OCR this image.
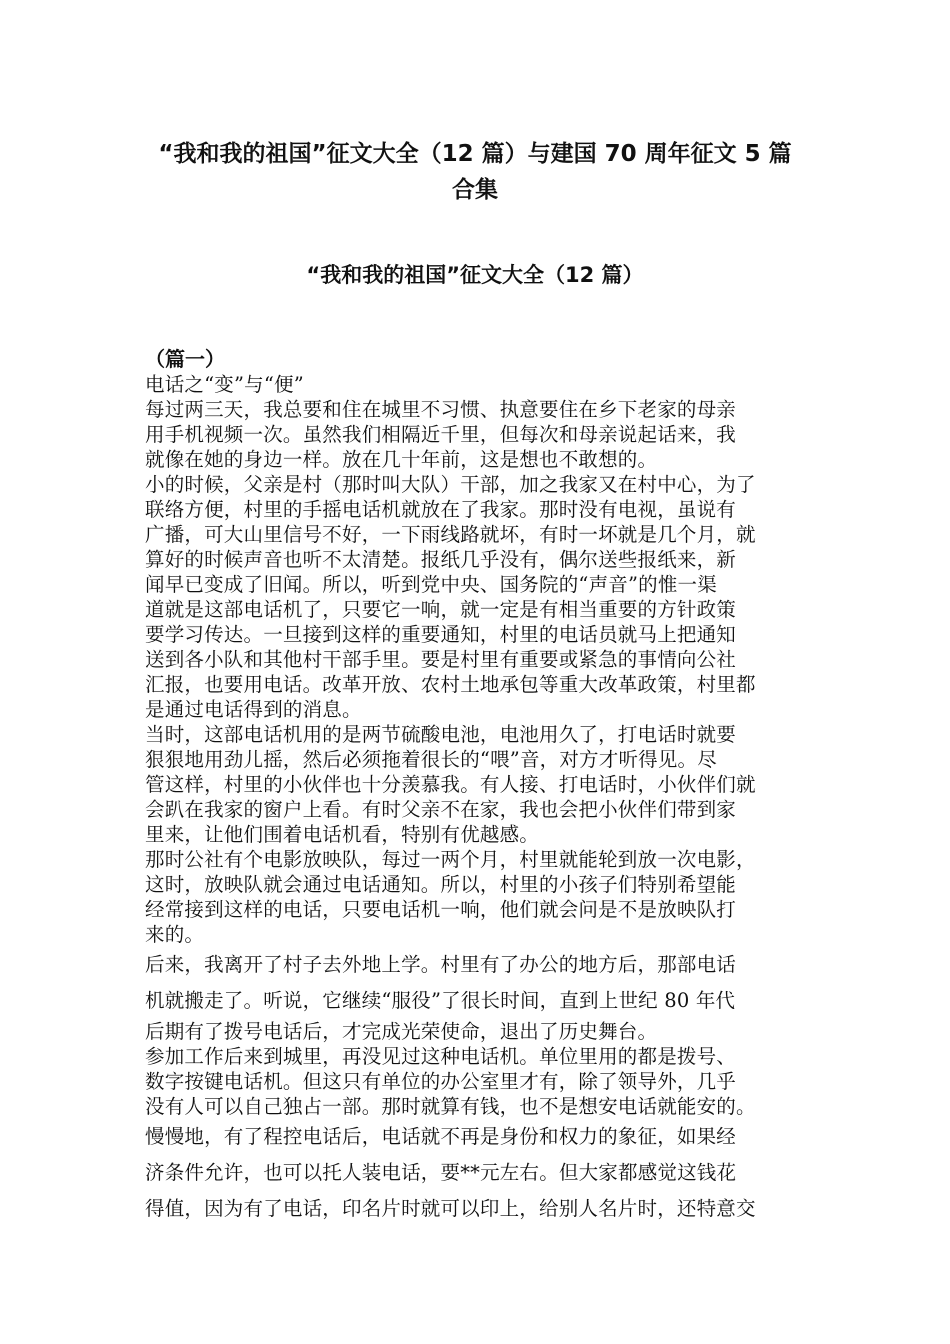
“我和我的祖国”征文大全（12 篇）与建国 70 周年征文 5 篇
合集
“我和我的祖国”征文大全（12 篇）
（篇一）

电话之“变”与“便”

每过两三天，我总要和住在城里不习惯、执意要住在乡下老家的母亲

用手机视频一次。虽然我们相隔近千里，但每次和母亲说起话来，我

就像在她的身边一样。放在几十年前，这是想也不敢想的。

小的时候，父亲是村（那时叫大队）干部，加之我家又在村中心，为了

联络方便，村里的手摇电话机就放在了我家。那时没有电视，虽说有

广播，可大山里信号不好，一下雨线路就坏，有时一坏就是几个月，就

算好的时候声音也听不太清楚。报纸几乎没有，偶尔送些报纸来，新

闻早已变成了旧闻。所以，听到党中央、国务院的“声音”的惟一渠

道就是这部电话机了，只要它一响，就一定是有相当重要的方针政策

要学习传达。一旦接到这样的重要通知，村里的电话员就马上把通知

送到各小队和其他村干部手里。要是村里有重要或紧急的事情向公社

汇报，也要用电话。改革开放、农村土地承包等重大改革政策，村里都

是通过电话得到的消息。

当时，这部电话机用的是两节硫酸电池，电池用久了，打电话时就要

狠狠地用劲儿摇，然后必须拖着很长的“喂”音，对方才听得见。尽

管这样，村里的小伙伴也十分羡慕我。有人接、打电话时，小伙伴们就

会趴在我家的窗户上看。有时父亲不在家，我也会把小伙伴们带到家

里来，让他们围着电话机看，特别有优越感。

那时公社有个电影放映队，每过一两个月，村里就能轮到放一次电影，

这时，放映队就会通过电话通知。所以，村里的小孩子们特别希望能

经常接到这样的电话，只要电话机一响，他们就会问是不是放映队打

来的。

后来，我离开了村子去外地上学。村里有了办公的地方后，那部电话

机就搬走了。听说，它继续“服役”了很长时间，直到上世纪 80 年代

后期有了拨号电话后，才完成光荣使命，退出了历史舞台。

参加工作后来到城里，再没见过这种电话机。单位里用的都是拨号、

数字按键电话机。但这只有单位的办公室里才有，除了领导外，几乎

没有人可以自己独占一部。那时就算有钱，也不是想安电话就能安的。

慢慢地，有了程控电话后，电话就不再是身份和权力的象征，如果经

济条件允许，也可以托人装电话，要**元左右。但大家都感觉这钱花

得值，因为有了电话，印名片时就可以印上，给别人名片时，还特意交
